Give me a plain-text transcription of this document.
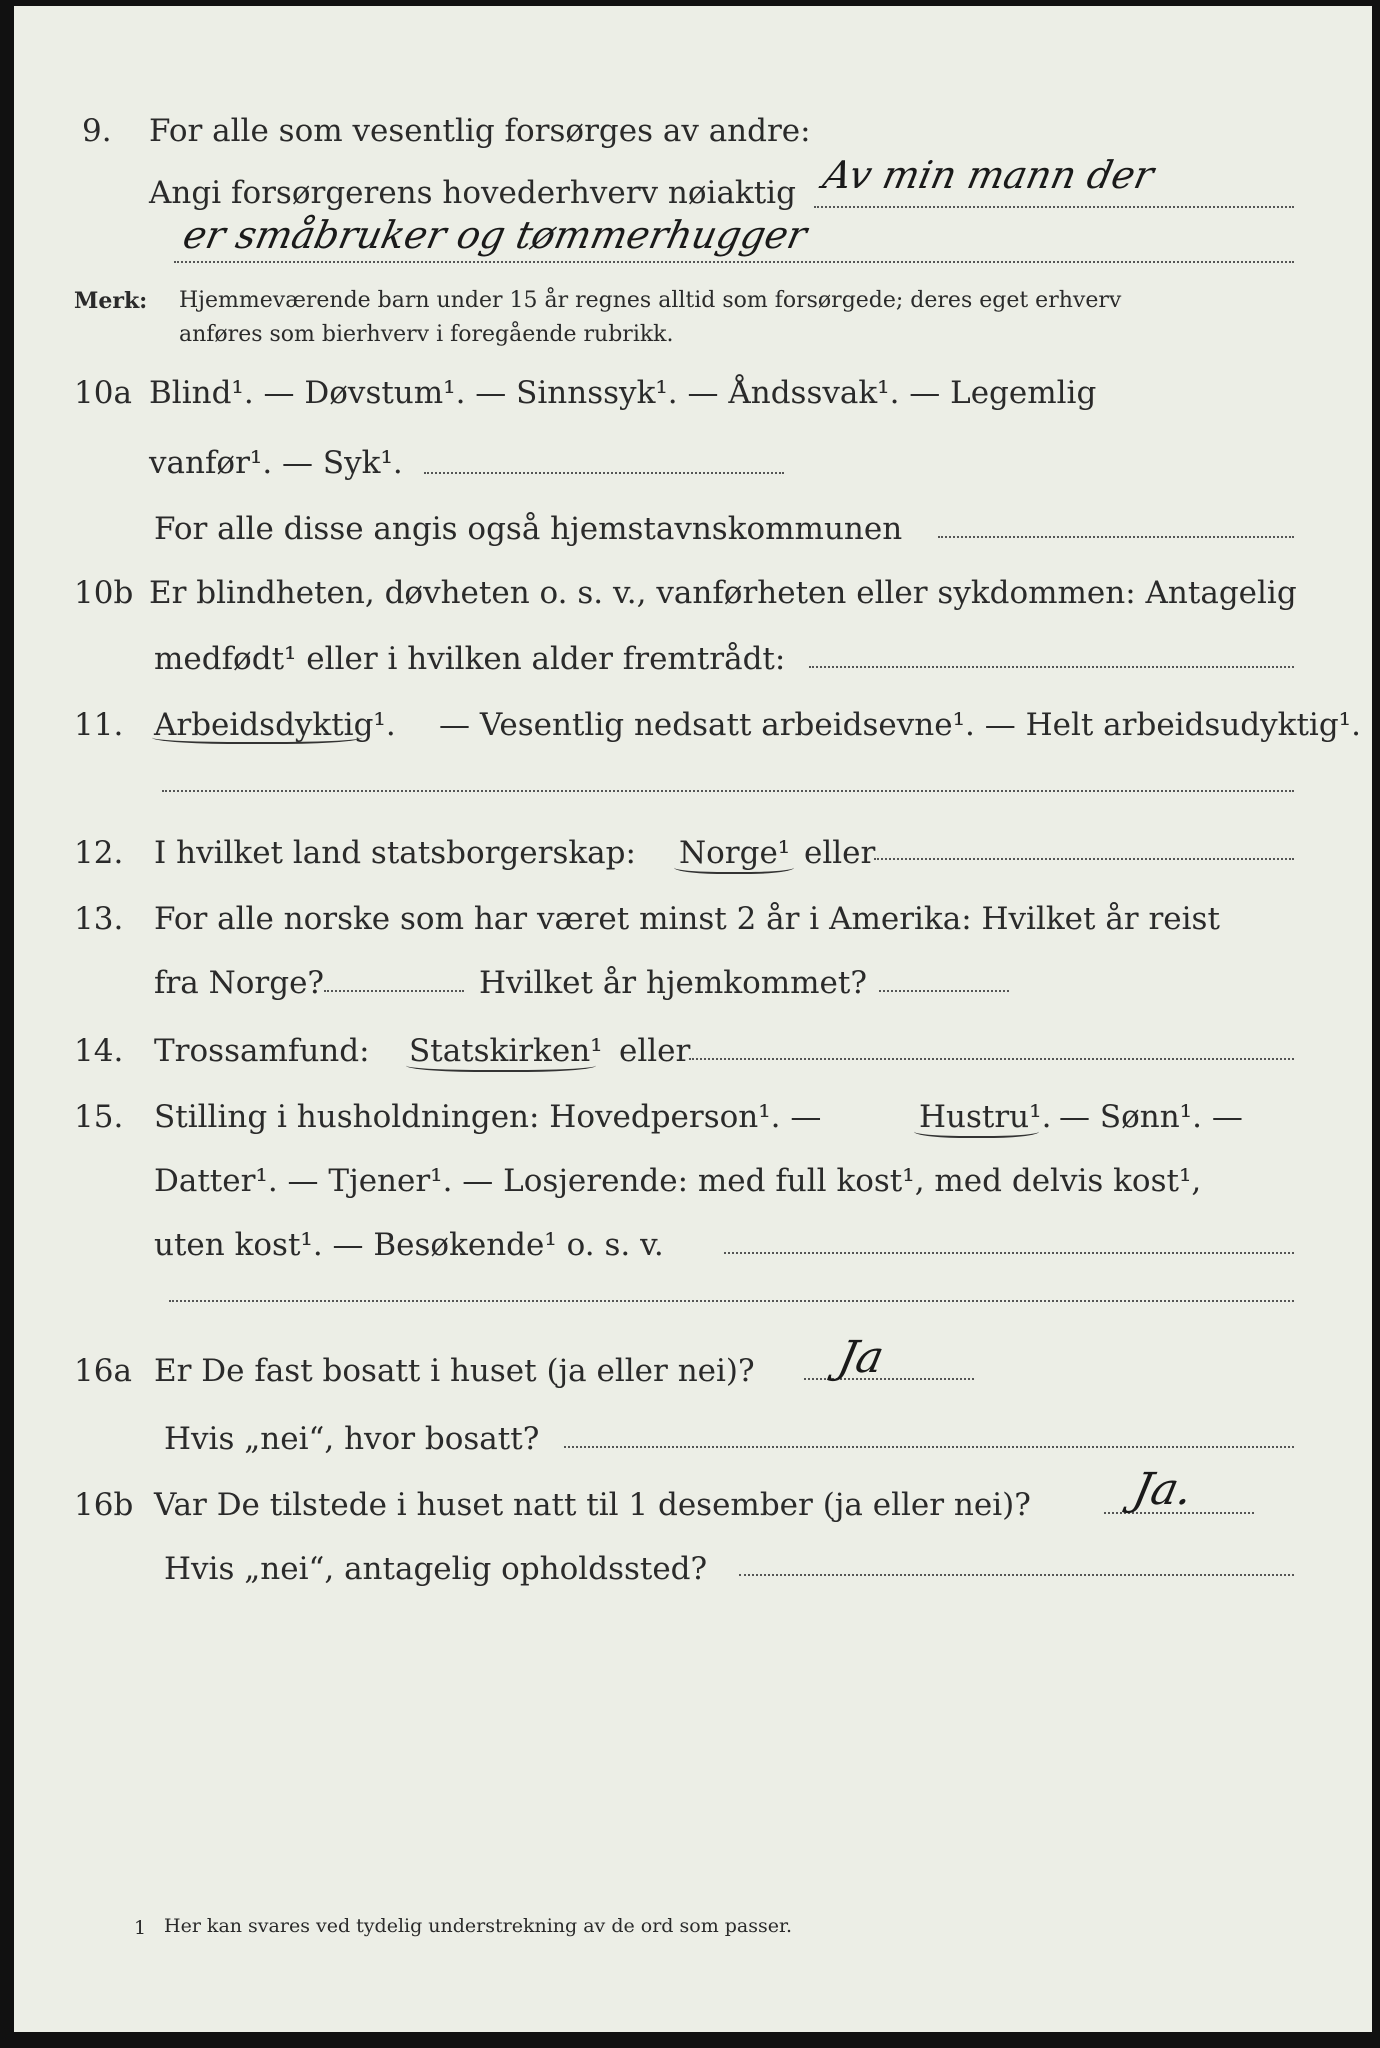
9. For alle som vesentlig forsørges av andre:
Angi forsørgerens hovederhverv nøiaktig Av min mann der
er småbruker og tømmerhugger
Merk: Hjemmeværende barn under 15 år regnes alltid som forsørgede; deres eget erhverv
anføres som bierhverv i foregående rubrikk.
10a Blind¹. — Døvstum¹. — Sinnssyk¹. — Åndssvak¹. — Legemlig
vanfør¹. — Syk¹.
For alle disse angis også hjemstavnskommunen
10b Er blindheten, døvheten o. s. v., vanførheten eller sykdommen: Antagelig
medfødt¹ eller i hvilken alder fremtrådt:
11. Arbeidsdyktig¹. — Vesentlig nedsatt arbeidsevne¹. — Helt arbeidsudyktig¹.
12. I hvilket land statsborgerskap: Norge¹ eller
13. For alle norske som har været minst 2 år i Amerika: Hvilket år reist
fra Norge?	Hvilket år hjemkommet?
14. Trossamfund: Statskirken¹ eller
15. Stilling i husholdningen: Hovedperson¹. —	Hustru¹. — Sønn¹. —
Datter¹. — Tjener¹. — Losjerende: med full kost¹, med delvis kost¹,
uten kost¹. — Besøkende¹ o. s. v.
16a Er De fast bosatt i huset (ja eller nei)? Ja
Hvis „nei“, hvor bosatt?
16b Var De tilstede i huset natt til 1 desember (ja eller nei)? Ja.
Hvis „nei“, antagelig opholdssted?
1 Her kan svares ved tydelig understrekning av de ord som passer.
